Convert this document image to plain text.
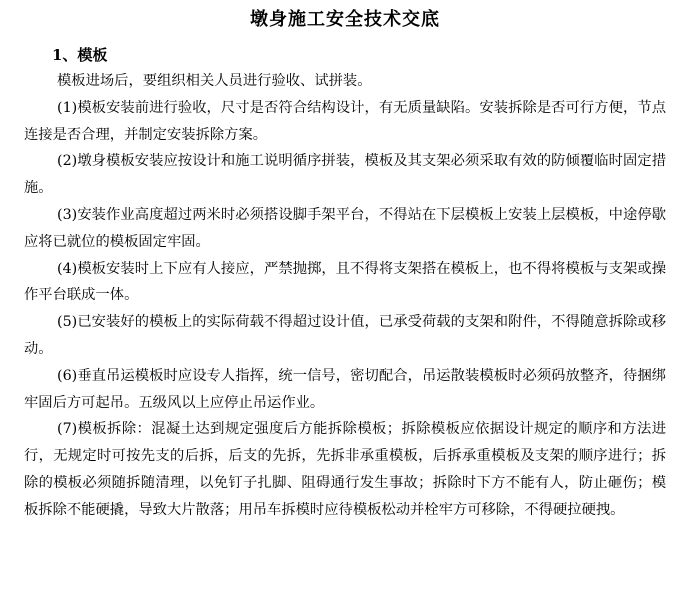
墩身施工安全技术交底
1、模板

模板进场后，要组织相关人员进行验收、试拼装。

(1)模板安装前进行验收，尺寸是否符合结构设计，有无质量缺陷。安装拆除是否可行方便，节点连接是否合理，并制定安装拆除方案。

(2)墩身模板安装应按设计和施工说明循序拼装，模板及其支架必须采取有效的防倾覆临时固定措施。

(3)安装作业高度超过两米时必须搭设脚手架平台，不得站在下层模板上安装上层模板，中途停歇应将已就位的模板固定牢固。

(4)模板安装时上下应有人接应，严禁抛掷，且不得将支架搭在模板上，也不得将模板与支架或操作平台联成一体。

(5)已安装好的模板上的实际荷载不得超过设计值，已承受荷载的支架和附件，不得随意拆除或移动。

(6)垂直吊运模板时应设专人指挥，统一信号，密切配合，吊运散装模板时必须码放整齐，待捆绑牢固后方可起吊。五级风以上应停止吊运作业。

(7)模板拆除：混凝土达到规定强度后方能拆除模板；拆除模板应依据设计规定的顺序和方法进行，无规定时可按先支的后拆，后支的先拆，先拆非承重模板，后拆承重模板及支架的顺序进行；拆除的模板必须随拆随清理，以免钉子扎脚、阻碍通行发生事故；拆除时下方不能有人，防止砸伤；模板拆除不能硬撬，导致大片散落；用吊车拆模时应待模板松动并栓牢方可移除，不得硬拉硬拽。
